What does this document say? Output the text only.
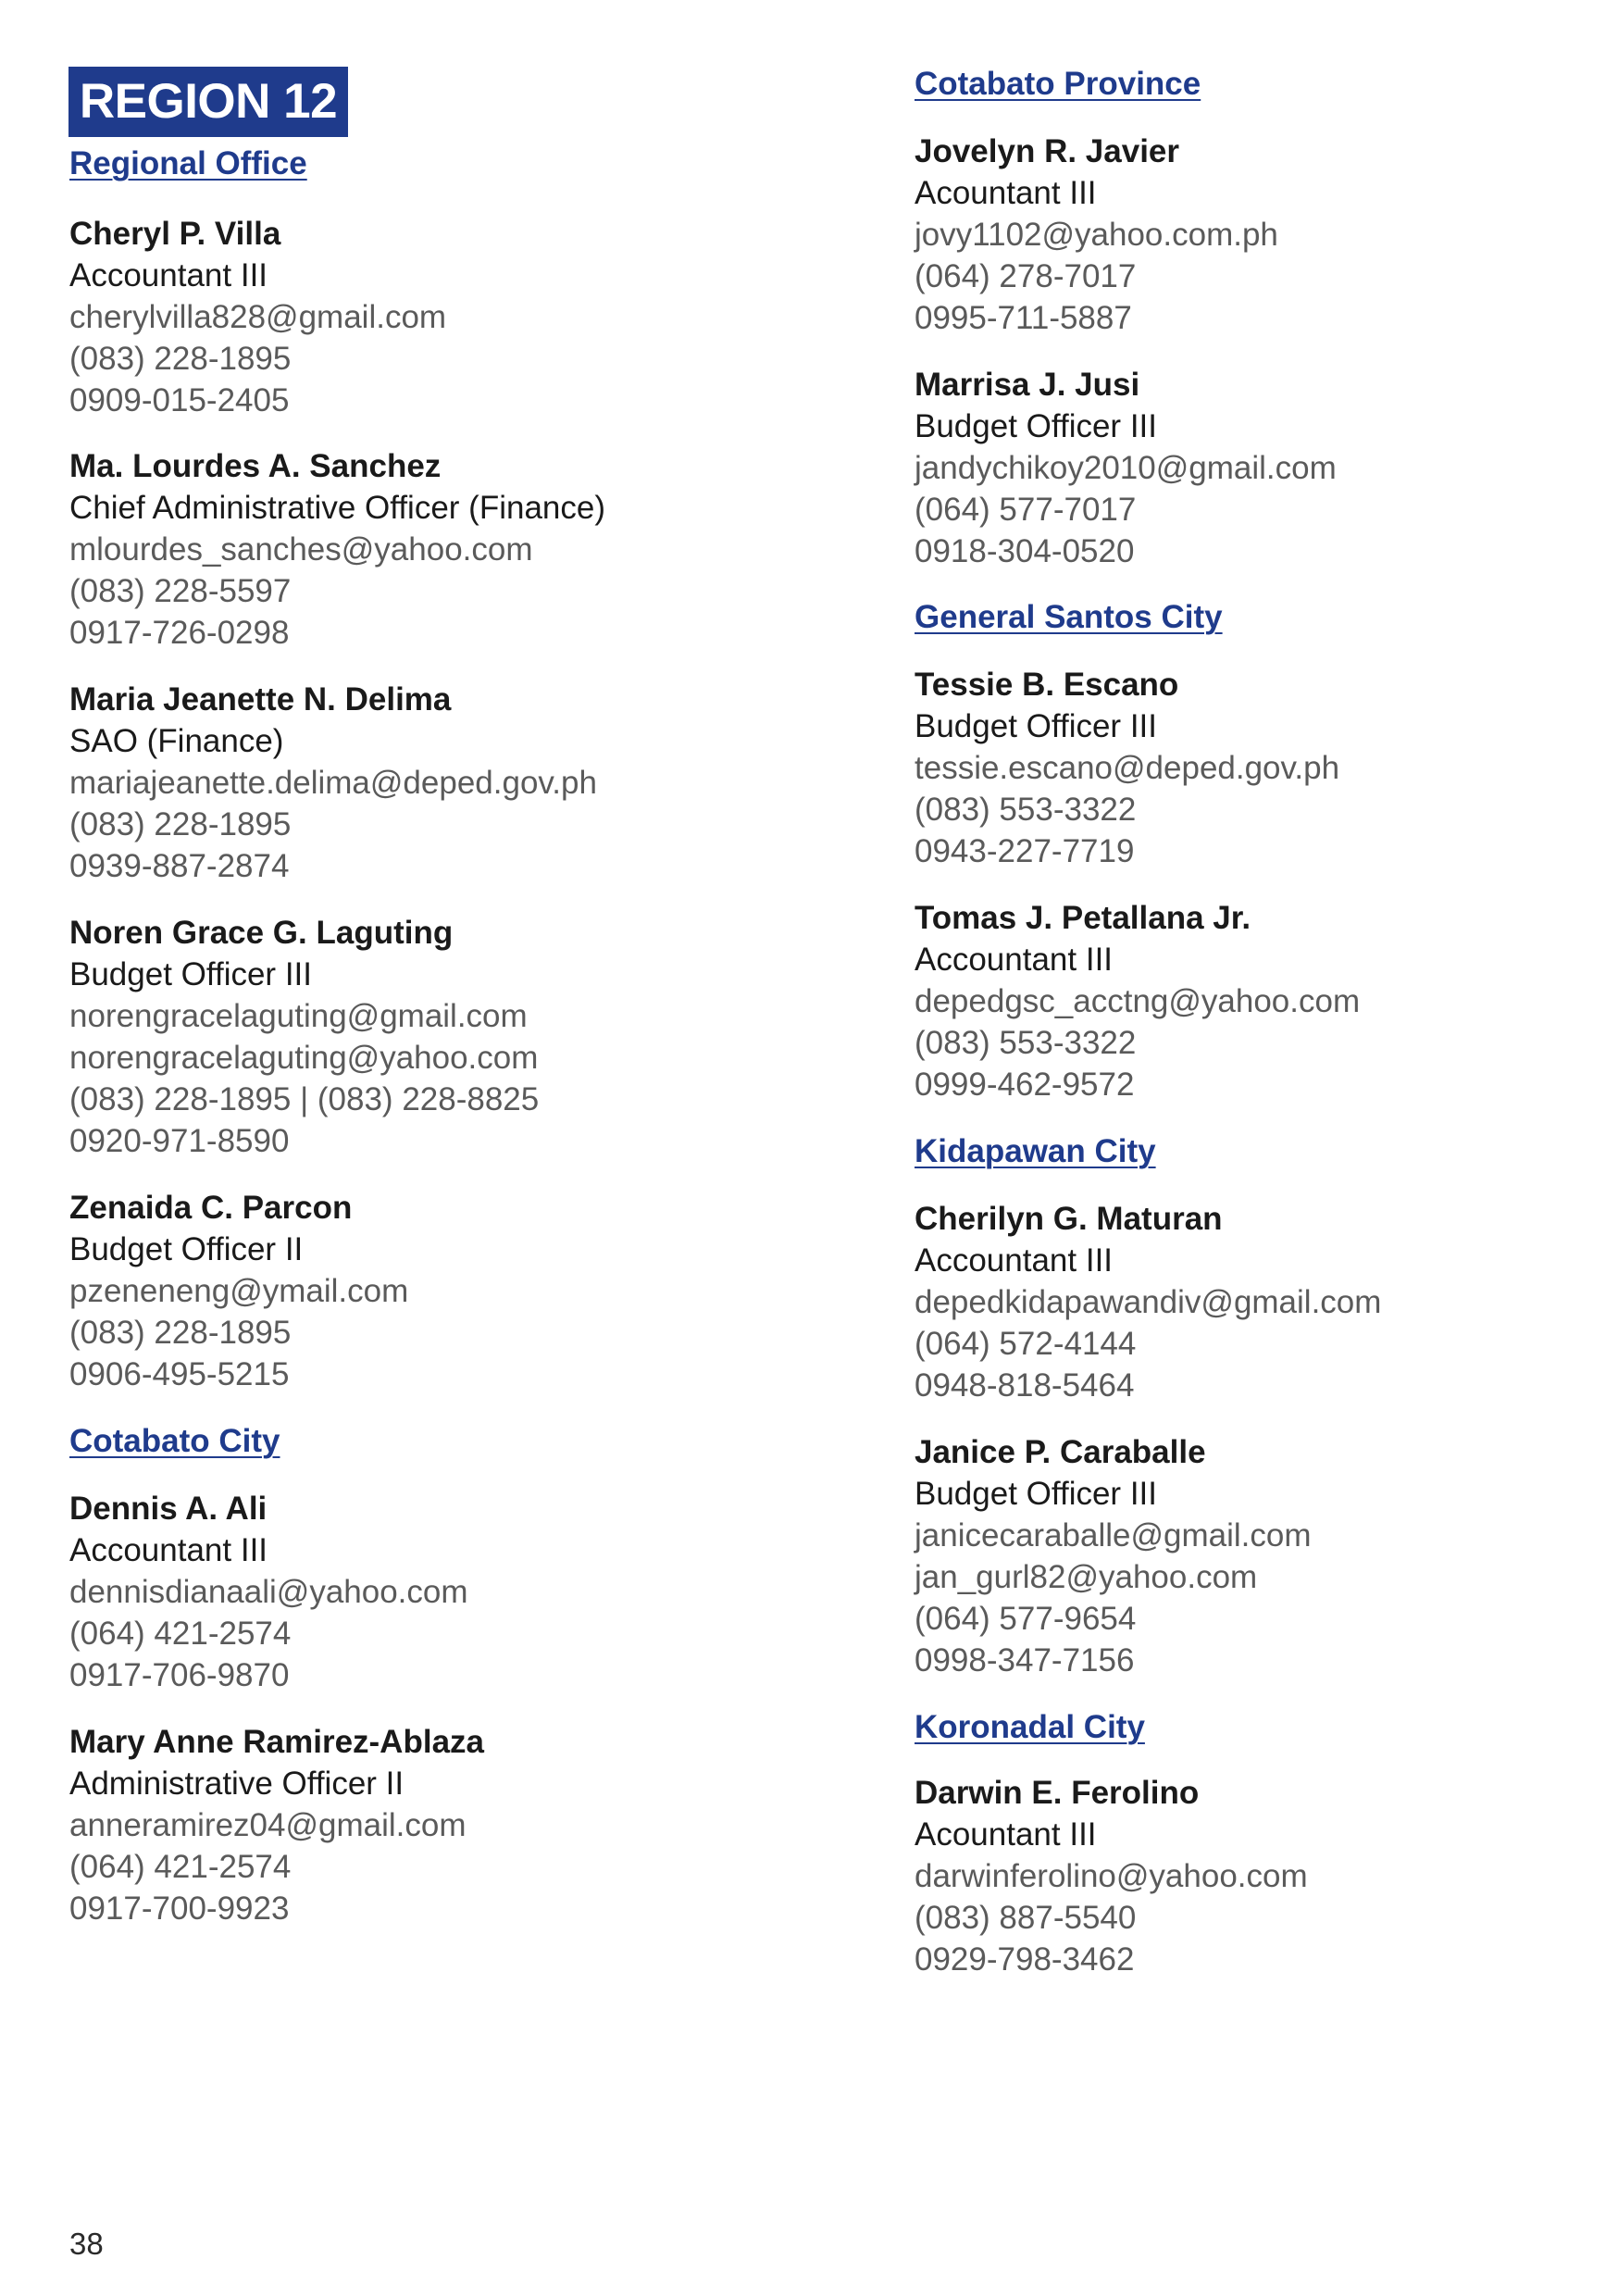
REGION 12

Regional Office

Cheryl P. Villa
Accountant III
cherylvilla828@gmail.com
(083) 228-1895
0909-015-2405
Ma. Lourdes A. Sanchez
Chief Administrative Officer (Finance)
mlourdes_sanches@yahoo.com
(083) 228-5597
0917-726-0298
Maria Jeanette N. Delima
SAO (Finance)
mariajeanette.delima@deped.gov.ph
(083) 228-1895
0939-887-2874
Noren Grace G. Laguting
Budget Officer III
norengracelaguting@gmail.com
norengracelaguting@yahoo.com
(083) 228-1895 | (083) 228-8825
0920-971-8590
Zenaida C. Parcon
Budget Officer II
pzeneneng@ymail.com
(083) 228-1895
0906-495-5215

Cotabato City

Dennis A. Ali
Accountant III
dennisdianaali@yahoo.com
(064) 421-2574
0917-706-9870
Mary Anne Ramirez-Ablaza
Administrative Officer II
anneramirez04@gmail.com
(064) 421-2574
0917-700-9923

Cotabato Province

Jovelyn R. Javier
Acountant III
jovy1102@yahoo.com.ph
(064) 278-7017
0995-711-5887
Marrisa J. Jusi
Budget Officer III
jandychikoy2010@gmail.com
(064) 577-7017
0918-304-0520

General Santos City

Tessie B. Escano
Budget Officer III
tessie.escano@deped.gov.ph
(083) 553-3322
0943-227-7719
Tomas J. Petallana Jr.
Accountant III
depedgsc_acctng@yahoo.com
(083) 553-3322
0999-462-9572

Kidapawan City

Cherilyn G. Maturan
Accountant III
depedkidapawandiv@gmail.com
(064) 572-4144
0948-818-5464
Janice P. Caraballe
Budget Officer III
janicecaraballe@gmail.com
jan_gurl82@yahoo.com
(064) 577-9654
0998-347-7156

Koronadal City

Darwin E. Ferolino
Acountant III
darwinferolino@yahoo.com
(083) 887-5540
0929-798-3462
38
